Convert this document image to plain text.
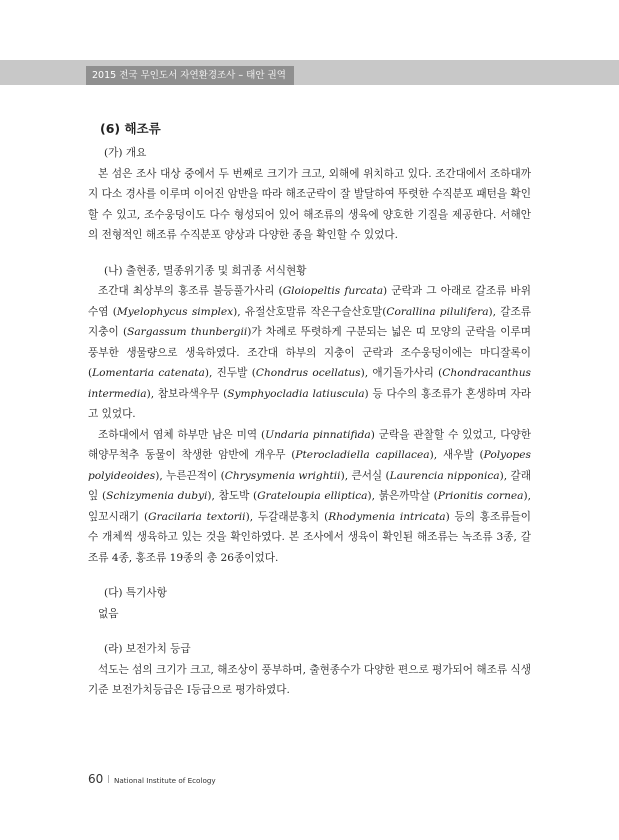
2015 전국 무인도서 자연환경조사 – 태안 권역
(6) 해조류

(가) 개요

본 섬은 조사 대상 중에서 두 번째로 크기가 크고, 외해에 위치하고 있다. 조간대에서 조하대까지 다소 경사를 이루며 이어진 암반을 따라 해조군락이 잘 발달하여 뚜렷한 수직분포 패턴을 확인할 수 있고, 조수웅덩이도 다수 형성되어 있어 해조류의 생육에 양호한 기질을 제공한다. 서해안의 전형적인 해조류 수직분포 양상과 다양한 종을 확인할 수 있었다.

(나) 출현종, 멸종위기종 및 희귀종 서식현황

조간대 최상부의 홍조류 불등풀가사리 (Gloiopeltis furcata) 군락과 그 아래로 갈조류 바위수염 (Myelophycus simplex), 유절산호말류 작은구슬산호말(Corallina pilulifera), 갈조류 지충이 (Sargassum thunbergii)가 차례로 뚜렷하게 구분되는 넓은 띠 모양의 군락을 이루며 풍부한 생물량으로 생육하였다. 조간대 하부의 지충이 군락과 조수웅덩이에는 마디잘록이 (Lomentaria catenata), 진두발 (Chondrus ocellatus), 애기돌가사리 (Chondracanthus intermedia), 참보라색우무 (Symphyocladia latiuscula) 등 다수의 홍조류가 혼생하며 자라고 있었다.

조하대에서 염체 하부만 남은 미역 (Undaria pinnatifida) 군락을 관찰할 수 있었고, 다양한 해양무척추 동물이 착생한 암반에 개우무 (Pterocladiella capillacea), 새우발 (Polyopes polyideoides), 누른끈적이 (Chrysymenia wrightii), 큰서실 (Laurencia nipponica), 갈래잎 (Schizymenia dubyi), 참도박 (Grateloupia elliptica), 붉은까막살 (Prionitis cornea), 잎꼬시래기 (Gracilaria textorii), 두갈래분홍치 (Rhodymenia intricata) 등의 홍조류들이 수 개체씩 생육하고 있는 것을 확인하였다. 본 조사에서 생육이 확인된 해조류는 녹조류 3종, 갈조류 4종, 홍조류 19종의 총 26종이었다.

(다) 특기사항

없음

(라) 보전가치 등급

석도는 섬의 크기가 크고, 해조상이 풍부하며, 출현종수가 다양한 편으로 평가되어 해조류 식생기준 보전가치등급은 Ⅰ등급으로 평가하였다.

60 | National Institute of Ecology
